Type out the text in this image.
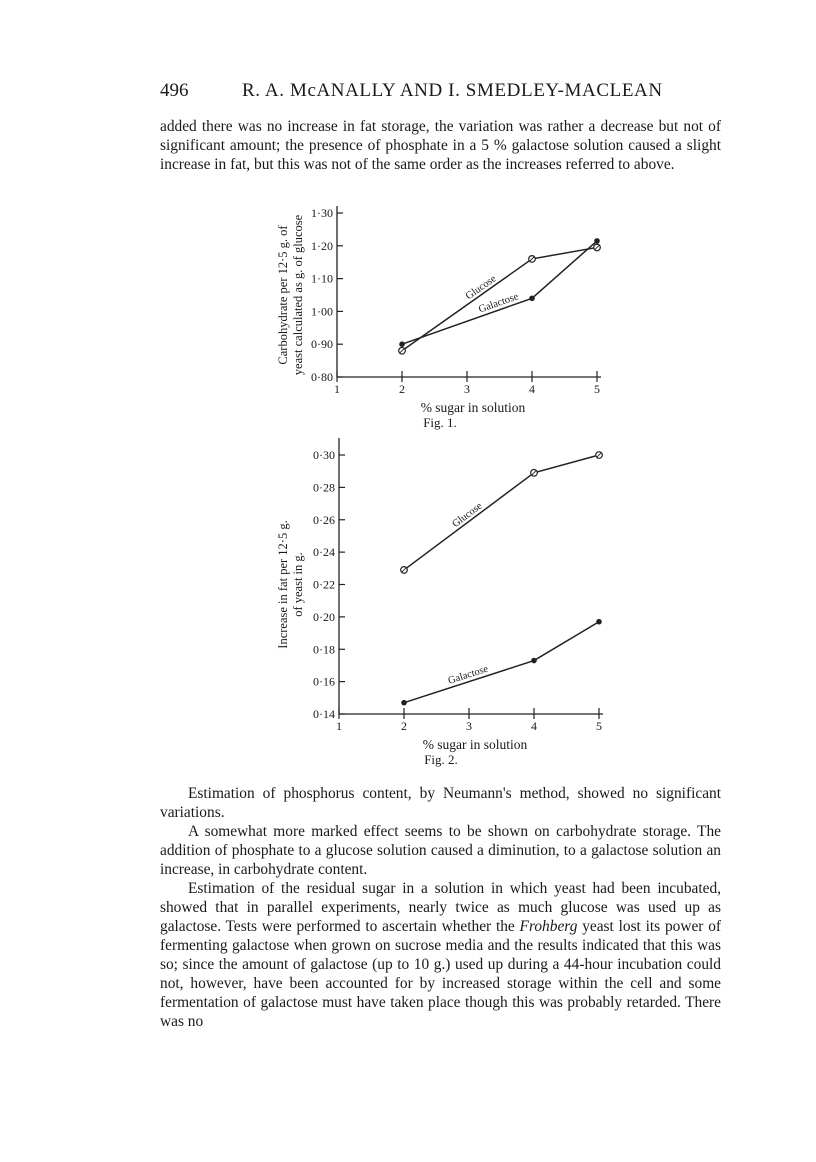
496	R. A. McANALLY AND I. SMEDLEY-MACLEAN

added there was no increase in fat storage, the variation was rather a decrease but not of significant amount; the presence of phosphate in a 5 % galactose solution caused a slight increase in fat, but this was not of the same order as the increases referred to above.

0·80
0·90
1·00
1·10
1·20
1·30
1	2	3	4	5
% sugar in solution
Carbohydrate per 12·5 g. of yeast calculated as g. of glucose	Glucose
Galactose
Fig. 1.
0·14
0·16
0·18
0·20
0·22
0·24
0·26
0·28
0·30
1	2	3	4	5
% sugar in solution
Increase in fat per 12·5 g. of yeast in g.
Glucose
Galactose
Fig. 2.

Estimation of phosphorus content, by Neumann's method, showed no significant variations.

A somewhat more marked effect seems to be shown on carbohydrate storage. The addition of phosphate to a glucose solution caused a diminution, to a galactose solution an increase, in carbohydrate content.

Estimation of the residual sugar in a solution in which yeast had been incubated, showed that in parallel experiments, nearly twice as much glucose was used up as galactose. Tests were performed to ascertain whether the Frohberg yeast lost its power of fermenting galactose when grown on sucrose media and the results indicated that this was so; since the amount of galactose (up to 10 g.) used up during a 44-hour incubation could not, however, have been accounted for by increased storage within the cell and some fermentation of galactose must have taken place though this was probably retarded. There was no
